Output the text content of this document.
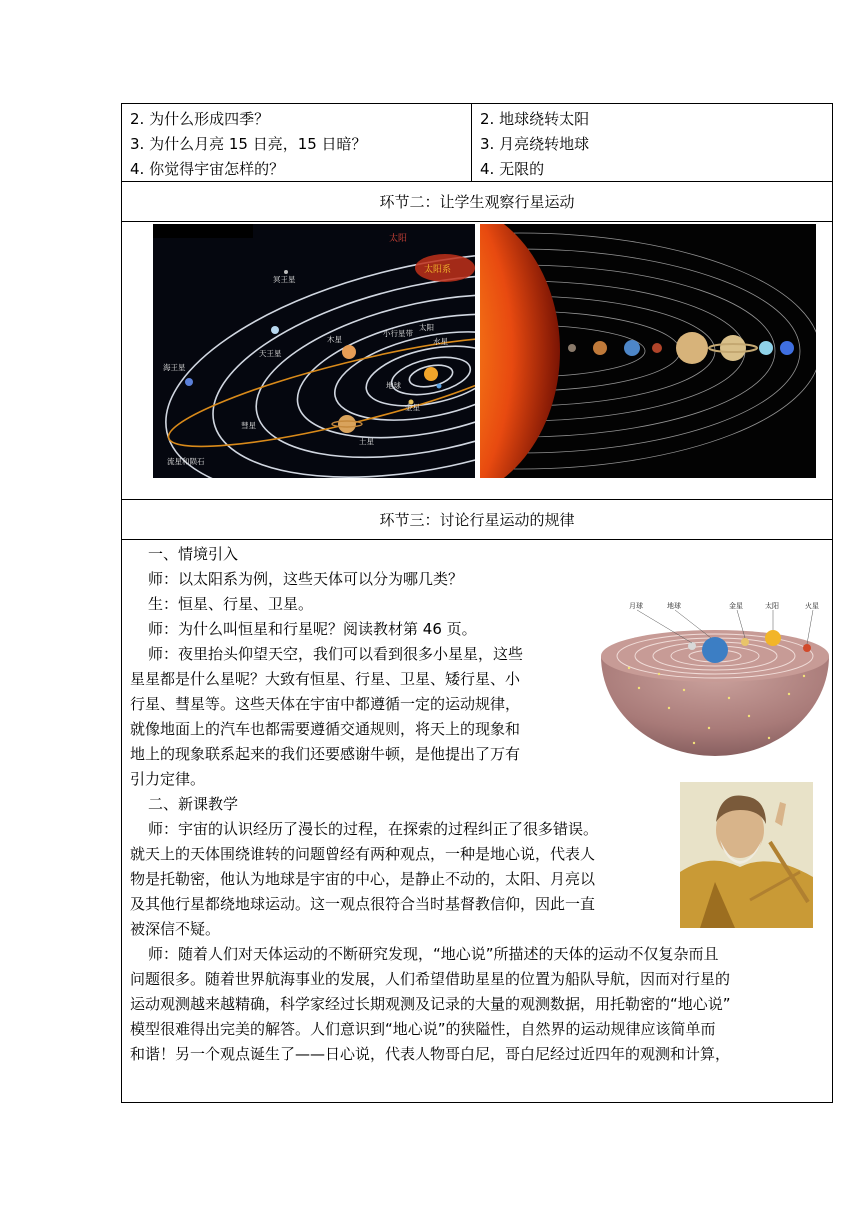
2. 为什么形成四季？
3. 为什么月亮 15 日亮，15 日暗？
4. 你觉得宇宙怎样的？
2. 地球绕转太阳
3. 月亮绕转地球
4. 无限的
环节二：让学生观察行星运动
太阳
太阳系
冥王星
天王星
木星
小行星带
太阳
水星
海王星
地球
金星
彗星
土星
流星和陨石
环节三：讨论行星运动的规律
一、情境引入
师：以太阳系为例，这些天体可以分为哪几类？
生：恒星、行星、卫星。
师：为什么叫恒星和行星呢？阅读教材第 46 页。
师：夜里抬头仰望天空，我们可以看到很多小星星，这些
星星都是什么星呢？大致有恒星、行星、卫星、矮行星、小
行星、彗星等。这些天体在宇宙中都遵循一定的运动规律，
就像地面上的汽车也都需要遵循交通规则，将天上的现象和
地上的现象联系起来的我们还要感谢牛顿，是他提出了万有
引力定律。
二、新课教学
师：宇宙的认识经历了漫长的过程，在探索的过程纠正了很多错误。
就天上的天体围绕谁转的问题曾经有两种观点，一种是地心说，代表人
物是托勒密，他认为地球是宇宙的中心，是静止不动的，太阳、月亮以
及其他行星都绕地球运动。这一观点很符合当时基督教信仰，因此一直
被深信不疑。
师：随着人们对天体运动的不断研究发现，“地心说”所描述的天体的运动不仅复杂而且
问题很多。随着世界航海事业的发展，人们希望借助星星的位置为船队导航，因而对行星的
运动观测越来越精确，科学家经过长期观测及记录的大量的观测数据，用托勒密的“地心说”
模型很难得出完美的解答。人们意识到“地心说”的狭隘性，自然界的运动规律应该简单而
和谐！另一个观点诞生了——日心说，代表人物哥白尼，哥白尼经过近四年的观测和计算，
月球	地球	金星	太阳	火星
